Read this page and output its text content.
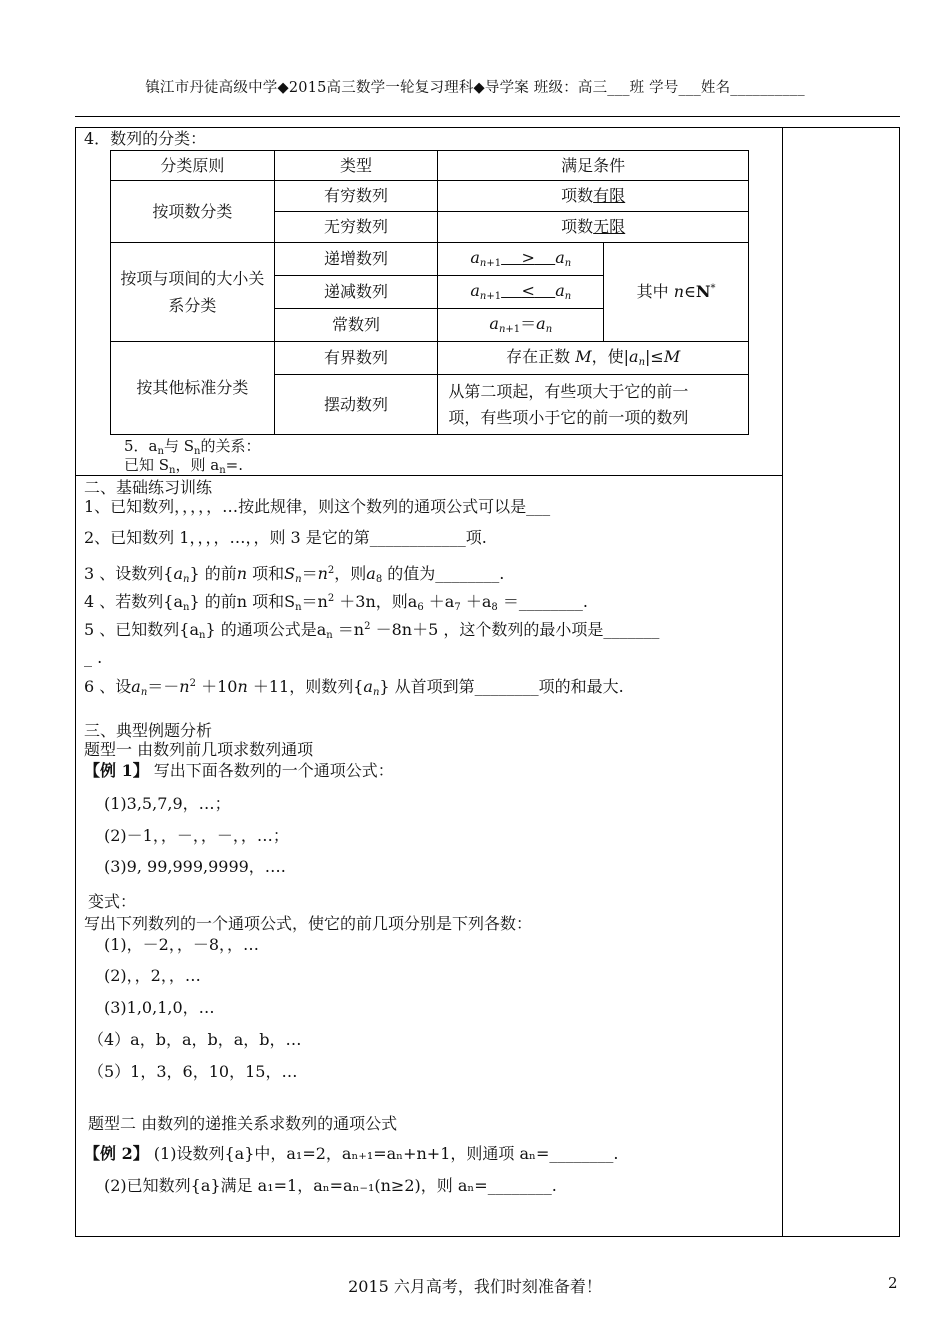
镇江市丹徒高级中学◆2015高三数学一轮复习理科◆导学案 班级：高三___班 学号___姓名__________
4．数列的分类：
分类原则	类型	满足条件	
按项数分类	有穷数列	项数有限	
	无穷数列	项数无限	
按项与项间的大小关系分类	递增数列	$a_{n+1} > a_n$	其中 n∈N*
	递减数列	$a_{n+1} < a_n$
	常数列	$a_{n+1}=a_n$
按其他标准分类	有界数列	存在正数 M，使$|a_n|\le M$	
	摆动数列	从第二项起，有些项大于它的前一
项，有些项小于它的前一项的数列	
5．$a_n$与 $S_n$的关系：
已知 $S_n$，则 $a_n=$.
二、基础练习训练
1、已知数列，，，，，…按此规律，则这个数列的通项公式可以是___
2、已知数列 1，，，，…，，则 3 是它的第____________项.
3 、设数列$\{a_n\}$ 的前n 项和$S_n=n^2$，则$a_8$ 的值为________.
4 、若数列$\{a_n\}$ 的前n 项和$S_n=n^2 +3n$，则$a_6 +a_7 +a_8$ ＝________.
5 、已知数列$\{a_n\}$ 的通项公式是$a_n =n^2 -8n+5$ ，这个数列的最小项是_______
_ .
6 、设$a_n=-n^2 +10n +11$，则数列$\{a_n\}$ 从首项到第________项的和最大.
三、典型例题分析
题型一 由数列前几项求数列通项
【例 1】 写出下面各数列的一个通项公式：
(1)3,5,7,9，…；
(2)－1，，－，，－，，…；
(3)9, 99,999,9999，….
变式：
写出下列数列的一个通项公式，使它的前几项分别是下列各数：
(1)，－2，，－8，，…
(2)，，2，，…
(3)1,0,1,0，…
（4）a，b，a，b，a，b，…
（5）1，3，6，10，15，…
题型二 由数列的递推关系求数列的通项公式
【例 2】 (1)设数列{a}中，a₁=2，aₙ₊₁=aₙ+n+1，则通项 aₙ=________.
(2)已知数列{a}满足 a₁=1，aₙ=aₙ₋₁(n≥2)，则 aₙ=________.
2015 六月高考，我们时刻准备着！	2
